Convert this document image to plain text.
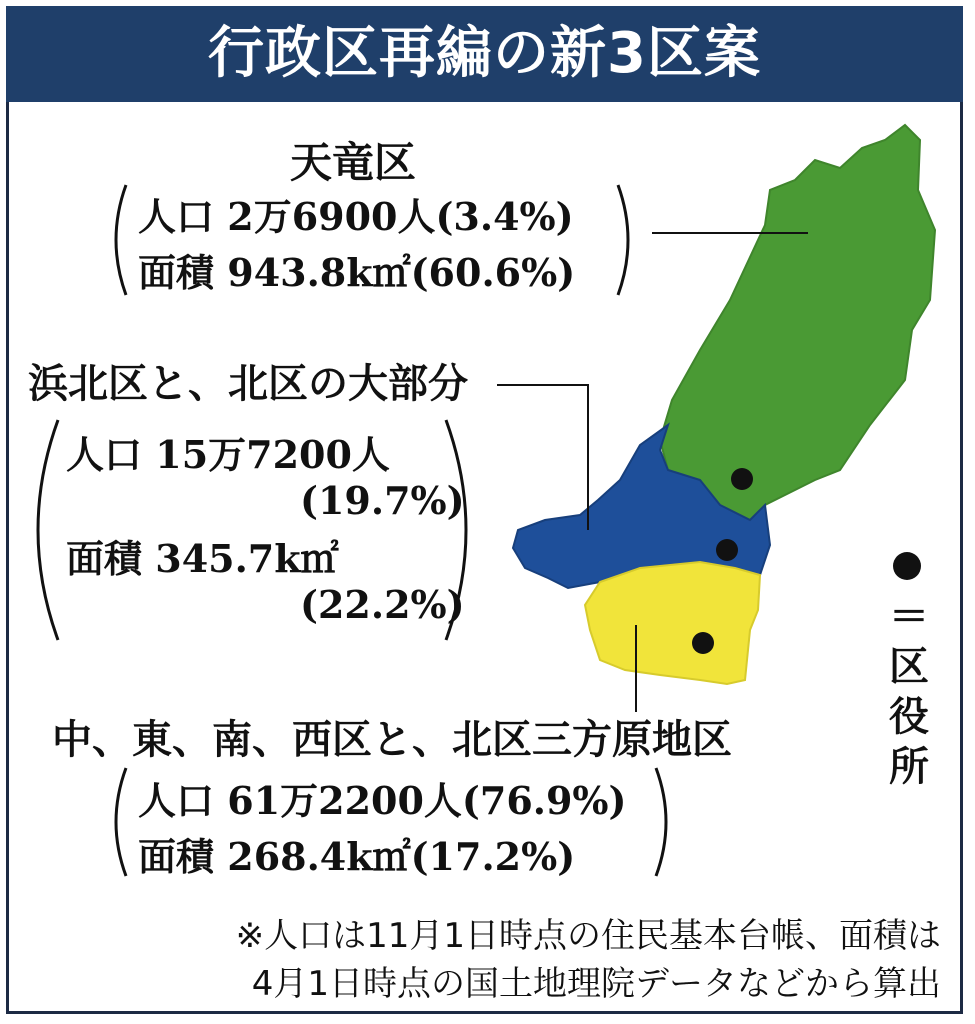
行政区再編の新3区案
天竜区
人口 2万6900人(3.4%)
面積 943.8k㎡(60.6%)
浜北区と、北区の大部分
人口 15万7200人
(19.7%)
面積 345.7k㎡
(22.2%)
中、東、南、西区と、北区三方原地区
人口 61万2200人(76.9%)
面積 268.4k㎡(17.2%)
＝
区
役
所
※人口は11月1日時点の住民基本台帳、面積は
4月1日時点の国土地理院データなどから算出
